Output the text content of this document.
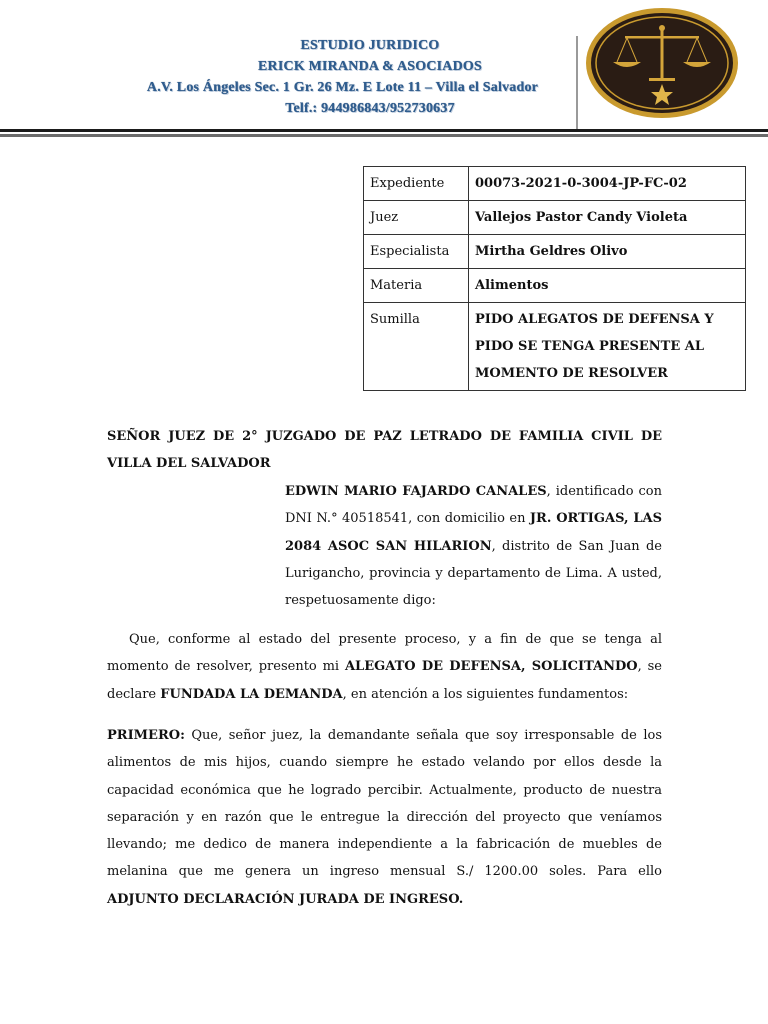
ESTUDIO JURIDICO
ERICK MIRANDA & ASOCIADOS
A.V. Los Ángeles Sec. 1 Gr. 26 Mz. E Lote 11 – Villa el Salvador
Telf.: 944986843/952730637
Expediente	00073-2021-0-3004-JP-FC-02
Juez	Vallejos Pastor Candy Violeta
Especialista	Mirtha Geldres Olivo
Materia	Alimentos
Sumilla	PIDO ALEGATOS DE DEFENSA Y PIDO SE TENGA PRESENTE AL MOMENTO DE RESOLVER
SEÑOR JUEZ DE 2° JUZGADO DE PAZ LETRADO DE FAMILIA CIVIL DE VILLA DEL SALVADOR
EDWIN MARIO FAJARDO CANALES, identificado con DNI N.° 40518541, con domicilio en JR. ORTIGAS, LAS 2084 ASOC SAN HILARION, distrito de San Juan de Lurigancho, provincia y departamento de Lima. A usted, respetuosamente digo:
Que, conforme al estado del presente proceso, y a fin de que se tenga al momento de resolver, presento mi ALEGATO DE DEFENSA, SOLICITANDO, se declare FUNDADA LA DEMANDA, en atención a los siguientes fundamentos:
PRIMERO: Que, señor juez, la demandante señala que soy irresponsable de los alimentos de mis hijos, cuando siempre he estado velando por ellos desde la capacidad económica que he logrado percibir. Actualmente, producto de nuestra separación y en razón que le entregue la dirección del proyecto que veníamos llevando; me dedico de manera independiente a la fabricación de muebles de melanina que me genera un ingreso mensual S./ 1200.00 soles. Para ello ADJUNTO DECLARACIÓN JURADA DE INGRESO.
